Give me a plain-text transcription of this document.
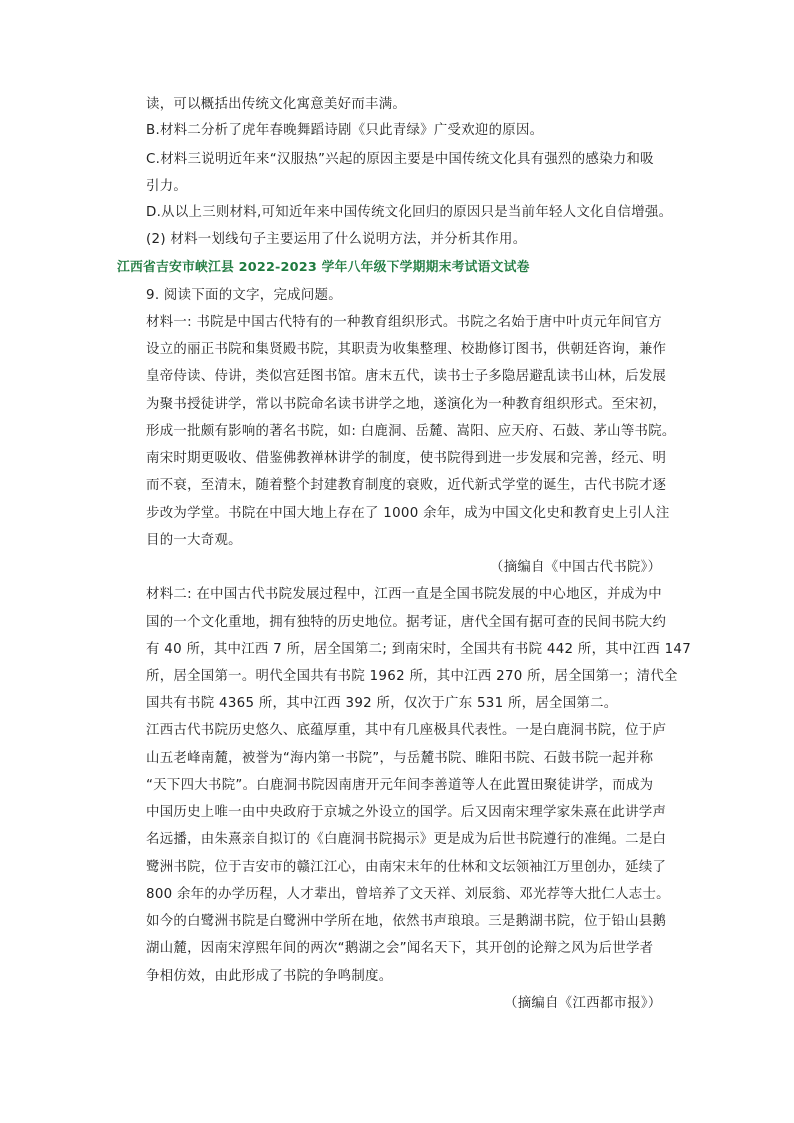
读，可以概括出传统文化寓意美好而丰满。
B.材料二分析了虎年春晚舞蹈诗剧《只此青绿》广受欢迎的原因。
C.材料三说明近年来“汉服热”兴起的原因主要是中国传统文化具有强烈的感染力和吸
引力。
D.从以上三则材料,可知近年来中国传统文化回归的原因只是当前年轻人文化自信增强。
(2) 材料一划线句子主要运用了什么说明方法，并分析其作用。
江西省吉安市峡江县 2022-2023 学年八年级下学期期末考试语文试卷
9. 阅读下面的文字，完成问题。
材料一: 书院是中国古代特有的一种教育组织形式。书院之名始于唐中叶贞元年间官方
设立的丽正书院和集贤殿书院，其职责为收集整理、校勘修订图书，供朝廷咨询，兼作
皇帝侍读、侍讲，类似宫廷图书馆。唐末五代，读书士子多隐居避乱读书山林，后发展
为聚书授徒讲学，常以书院命名读书讲学之地，遂演化为一种教育组织形式。至宋初，
形成一批颇有影响的著名书院，如: 白鹿洞、岳麓、嵩阳、应天府、石鼓、茅山等书院。
南宋时期更吸收、借鉴佛教禅林讲学的制度，使书院得到进一步发展和完善，经元、明
而不衰，至清末，随着整个封建教育制度的衰败，近代新式学堂的诞生，古代书院才逐
步改为学堂。书院在中国大地上存在了 1000 余年，成为中国文化史和教育史上引人注
目的一大奇观。
（摘编自《中国古代书院》）
材料二: 在中国古代书院发展过程中，江西一直是全国书院发展的中心地区，并成为中
国的一个文化重地，拥有独特的历史地位。据考证，唐代全国有据可查的民间书院大约
有 40 所，其中江西 7 所，居全国第二; 到南宋时，全国共有书院 442 所，其中江西 147
所，居全国第一。明代全国共有书院 1962 所，其中江西 270 所，居全国第一；清代全
国共有书院 4365 所，其中江西 392 所，仅次于广东 531 所，居全国第二。
江西古代书院历史悠久、底蕴厚重，其中有几座极具代表性。一是白鹿洞书院，位于庐
山五老峰南麓，被誉为“海内第一书院”，与岳麓书院、睢阳书院、石鼓书院一起并称
“天下四大书院”。白鹿洞书院因南唐开元年间李善道等人在此置田聚徒讲学，而成为
中国历史上唯一由中央政府于京城之外设立的国学。后又因南宋理学家朱熹在此讲学声
名远播，由朱熹亲自拟订的《白鹿洞书院揭示》更是成为后世书院遵行的准绳。二是白
鹭洲书院，位于吉安市的赣江江心，由南宋末年的仕林和文坛领袖江万里创办，延续了
800 余年的办学历程，人才辈出，曾培养了文天祥、刘辰翁、邓光荐等大批仁人志士。
如今的白鹭洲书院是白鹭洲中学所在地，依然书声琅琅。三是鹅湖书院，位于铅山县鹅
湖山麓，因南宋淳熙年间的两次“鹅湖之会”闻名天下，其开创的论辩之风为后世学者
争相仿效，由此形成了书院的争鸣制度。
（摘编自《江西都市报》）
